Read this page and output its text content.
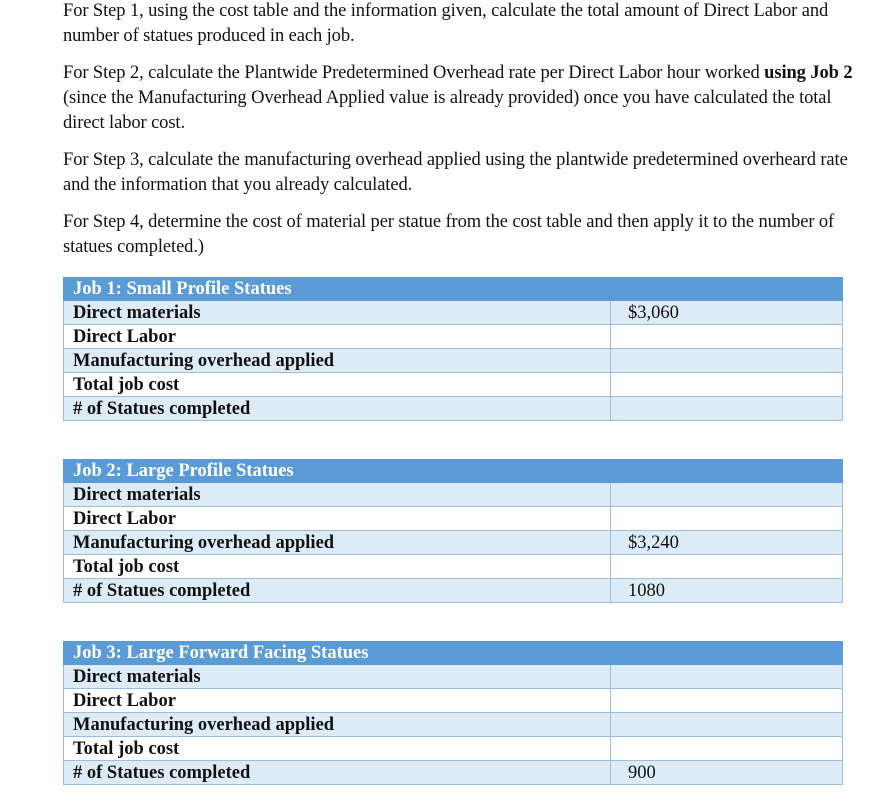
For Step 1, using the cost table and the information given, calculate the total amount of Direct Labor and number of statues produced in each job.

For Step 2, calculate the Plantwide Predetermined Overhead rate per Direct Labor hour worked using Job 2 (since the Manufacturing Overhead Applied value is already provided) once you have calculated the total direct labor cost.

For Step 3, calculate the manufacturing overhead applied using the plantwide predetermined overheard rate and the information that you already calculated.

For Step 4, determine the cost of material per statue from the cost table and then apply it to the number of statues completed.)

Job 1: Small Profile Statues	
Direct materials	$3,060
Direct Labor	
Manufacturing overhead applied	
Total job cost	
# of Statues completed	
Job 2: Large Profile Statues	
Direct materials	
Direct Labor	
Manufacturing overhead applied	$3,240
Total job cost	
# of Statues completed	1080
Job 3: Large Forward Facing Statues	
Direct materials	
Direct Labor	
Manufacturing overhead applied	
Total job cost	
# of Statues completed	900
